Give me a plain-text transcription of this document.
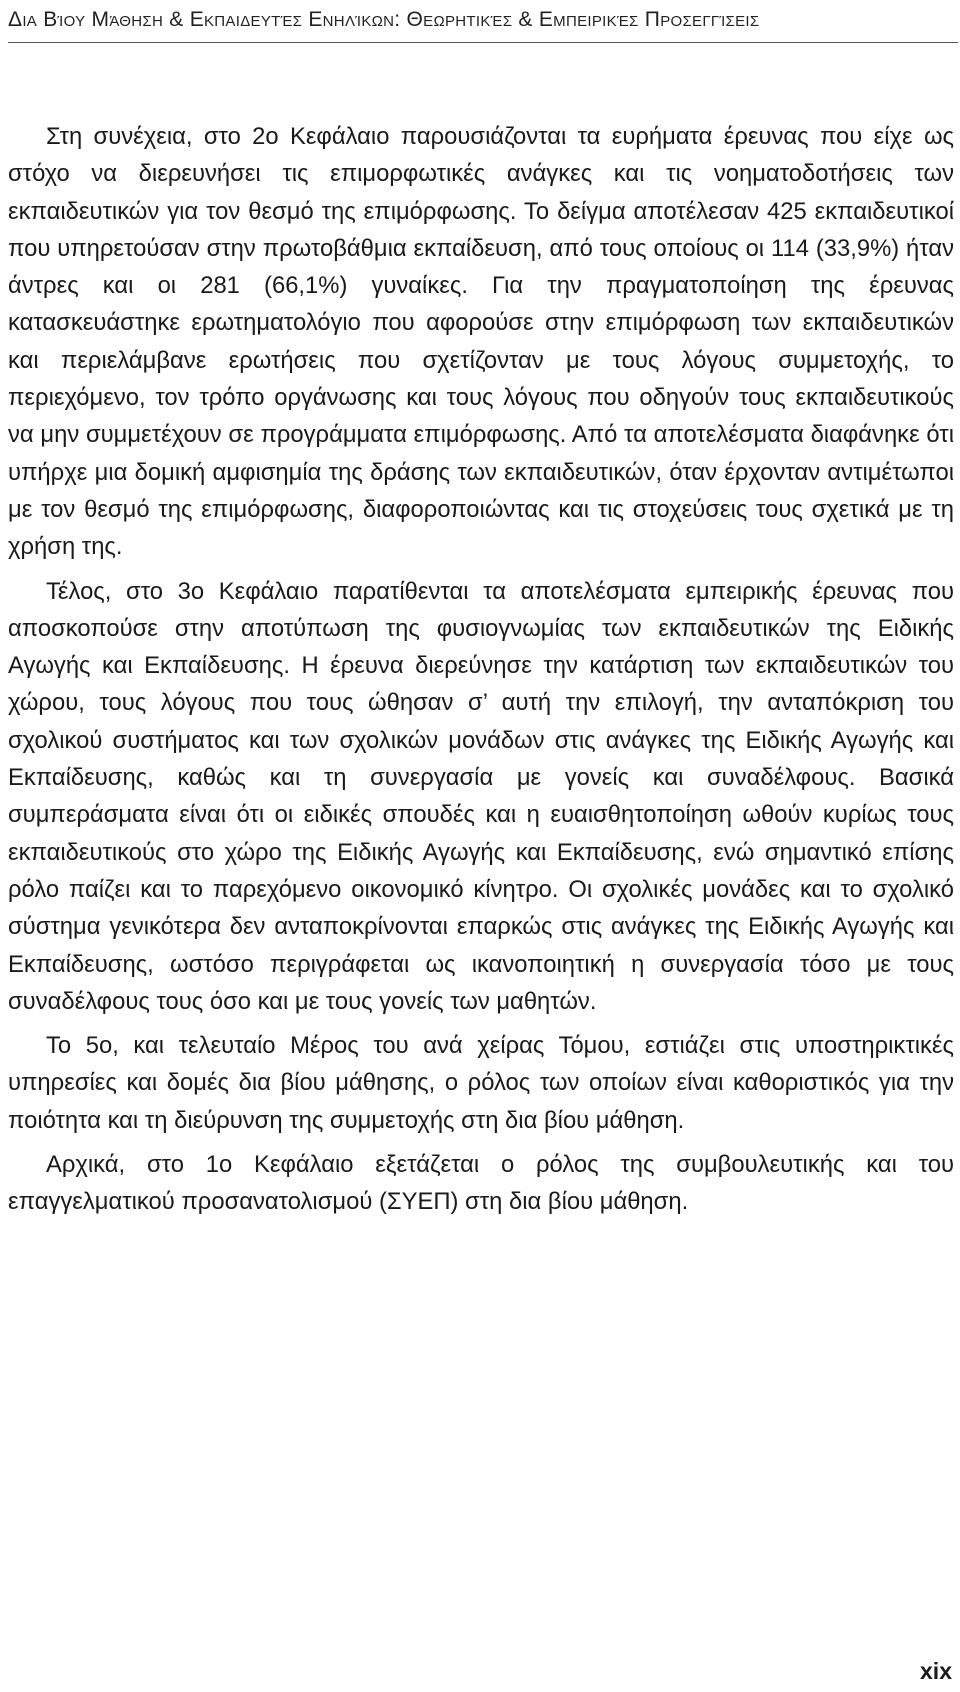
Δια Βίου Μάθηση & Εκπαιδευτές Ενηλίκων: Θεωρητικές & Εμπειρικές Προσεγγίσεις

Στη συνέχεια, στο 2ο Κεφάλαιο παρουσιάζονται τα ευρήματα έρευνας που είχε ως στόχο να διερευνήσει τις επιμορφωτικές ανάγκες και τις νοηματοδοτήσεις των εκπαιδευτικών για τον θεσμό της επιμόρφωσης. Το δείγμα αποτέλεσαν 425 εκπαιδευτικοί που υπηρετούσαν στην πρωτοβάθμια εκπαίδευση, από τους οποίους οι 114 (33,9%) ήταν άντρες και οι 281 (66,1%) γυναίκες. Για την πραγματοποίηση της έρευνας κατασκευάστηκε ερωτηματολόγιο που αφορούσε στην επιμόρφωση των εκπαιδευτικών και περιελάμβανε ερωτήσεις που σχετίζονταν με τους λόγους συμμετοχής, το περιεχόμενο, τον τρόπο οργάνωσης και τους λόγους που οδηγούν τους εκπαιδευτικούς να μην συμμετέχουν σε προγράμματα επιμόρφωσης. Από τα αποτελέσματα διαφάνηκε ότι υπήρχε μια δομική αμφισημία της δράσης των εκπαιδευτικών, όταν έρχονταν αντιμέτωποι με τον θεσμό της επιμόρφωσης, διαφοροποιώντας και τις στοχεύσεις τους σχετικά με τη χρήση της.

Τέλος, στο 3ο Κεφάλαιο παρατίθενται τα αποτελέσματα εμπειρικής έρευνας που αποσκοπούσε στην αποτύπωση της φυσιογνωμίας των εκπαιδευτικών της Ειδικής Αγωγής και Εκπαίδευσης. Η έρευνα διερεύνησε την κατάρτιση των εκπαιδευτικών του χώρου, τους λόγους που τους ώθησαν σ’ αυτή την επιλογή, την ανταπόκριση του σχολικού συστήματος και των σχολικών μονάδων στις ανάγκες της Ειδικής Αγωγής και Εκπαίδευσης, καθώς και τη συνεργασία με γονείς και συναδέλφους. Βασικά συμπεράσματα είναι ότι οι ειδικές σπουδές και η ευαισθητοποίηση ωθούν κυρίως τους εκπαιδευτικούς στο χώρο της Ειδικής Αγωγής και Εκπαίδευσης, ενώ σημαντικό επίσης ρόλο παίζει και το παρεχόμενο οικονομικό κίνητρο. Οι σχολικές μονάδες και το σχολικό σύστημα γενικότερα δεν ανταποκρίνονται επαρκώς στις ανάγκες της Ειδικής Αγωγής και Εκπαίδευσης, ωστόσο περιγράφεται ως ικανοποιητική η συνεργασία τόσο με τους συναδέλφους τους όσο και με τους γονείς των μαθητών.

Το 5ο, και τελευταίο Μέρος του ανά χείρας Τόμου, εστιάζει στις υποστηρικτικές υπηρεσίες και δομές δια βίου μάθησης, ο ρόλος των οποίων είναι καθοριστικός για την ποιότητα και τη διεύρυνση της συμμετοχής στη δια βίου μάθηση.

Αρχικά, στο 1ο Κεφάλαιο εξετάζεται ο ρόλος της συμβουλευτικής και του επαγγελματικού προσανατολισμού (ΣΥΕΠ) στη δια βίου μάθηση.

xix
